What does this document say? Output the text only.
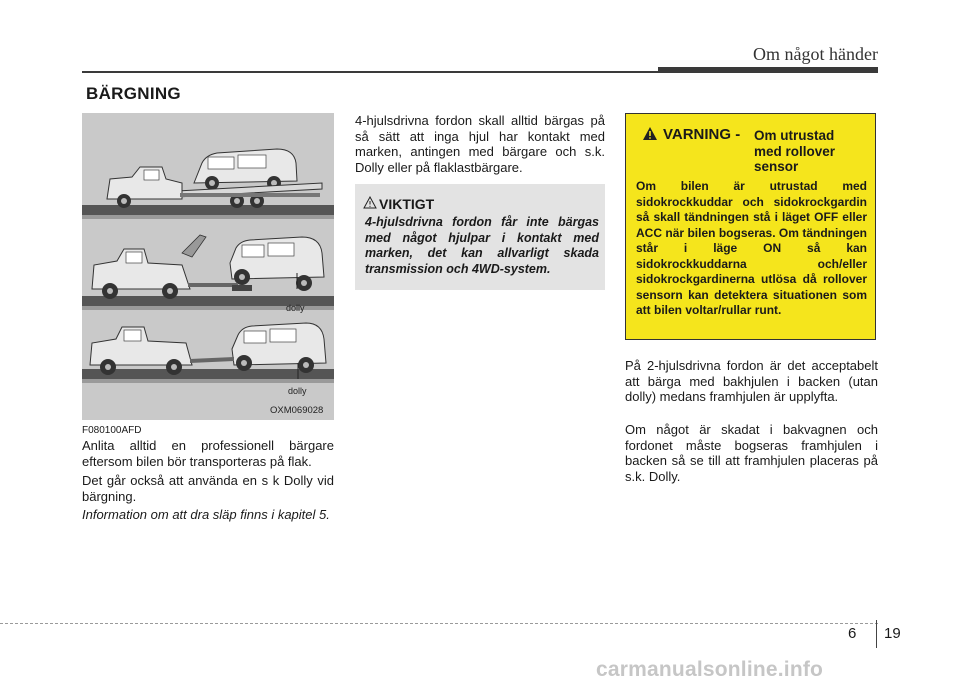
Om något händer
BÄRGNING
dolly
dolly
OXM069028
F080100AFD
Anlita alltid en professionell bärgare eftersom bilen bör transporteras på flak.
Det går också att använda en s k Dolly vid bärgning.
Information om att dra släp finns i kapitel 5.
4-hjulsdrivna fordon skall alltid bärgas på så sätt att inga hjul har kontakt med marken, antingen med bärgare och s.k. Dolly eller på flaklastbärgare.
VIKTIGT
4-hjulsdrivna fordon får inte bärgas med något hjulpar i kontakt med marken, det kan allvarligt skada transmission och 4WD-system.
VARNING - Om utrustad med rollover sensor
Om bilen är utrustad med sidokrockkuddar och sidokrockgardin så skall tändningen stå i läget OFF eller ACC när bilen bogseras. Om tändningen står i läge ON så kan sidokrockkuddarna och/eller sidokrockgardinerna utlösa då rollover sensorn kan detektera situationen som att bilen voltar/rullar runt.
På 2-hjulsdrivna fordon är det acceptabelt att bärga med bakhjulen i backen (utan dolly) medans framhjulen är upplyfta.
Om något är skadat i bakvagnen och fordonet måste bogseras framhjulen i backen så se till att framhjulen placeras på s.k. Dolly.
6 19
carmanualsonline.info
